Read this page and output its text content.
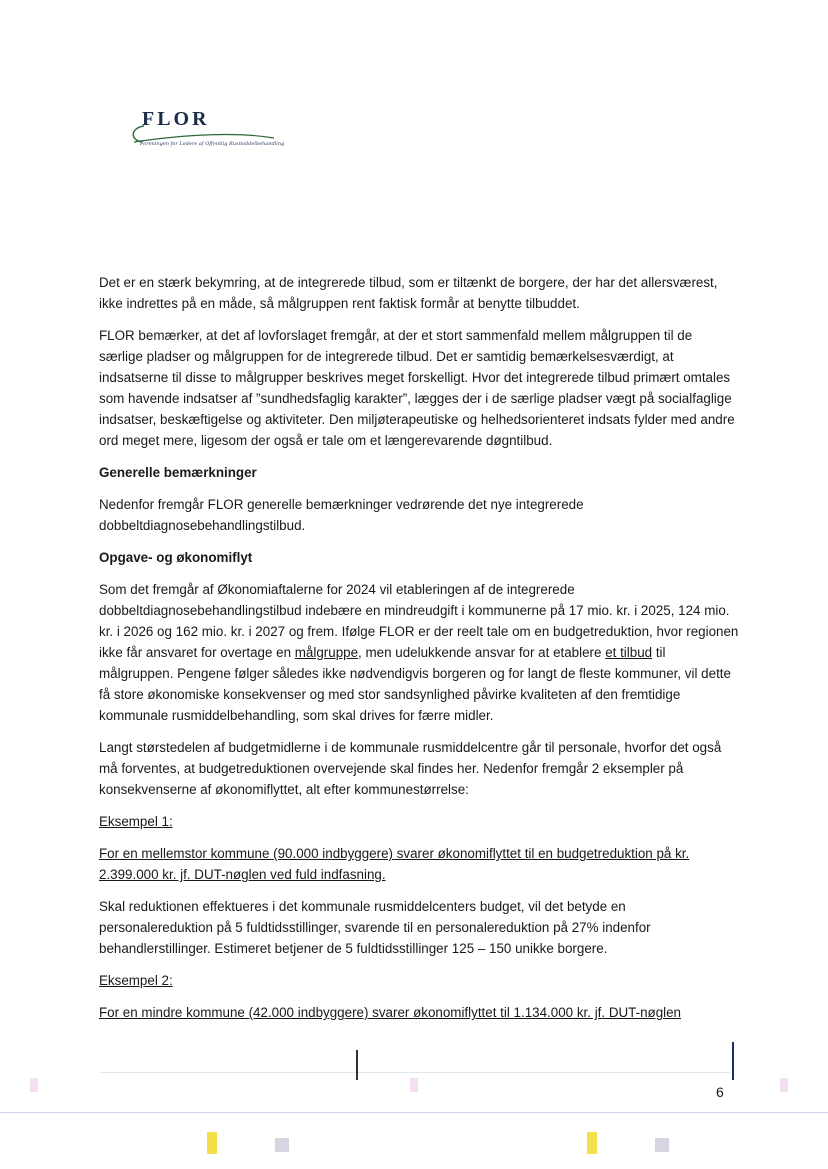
FLOR
Foreningen for Ledere af Offentlig Rusmiddelbehandling

Det er en stærk bekymring, at de integrerede tilbud, som er tiltænkt de borgere, der har det allersværest, ikke indrettes på en måde, så målgruppen rent faktisk formår at benytte tilbuddet.

FLOR bemærker, at det af lovforslaget fremgår, at der et stort sammenfald mellem målgruppen til de særlige pladser og målgruppen for de integrerede tilbud. Det er samtidig bemærkelsesværdigt, at indsatserne til disse to målgrupper beskrives meget forskelligt. Hvor det integrerede tilbud primært omtales som havende indsatser af ”sundhedsfaglig karakter”, lægges der i de særlige pladser vægt på socialfaglige indsatser, beskæftigelse og aktiviteter. Den miljøterapeutiske og helhedsorienteret indsats fylder med andre ord meget mere, ligesom der også er tale om et længerevarende døgntilbud.

Generelle bemærkninger

Nedenfor fremgår FLOR generelle bemærkninger vedrørende det nye integrerede dobbeltdiagnosebehandlingstilbud.

Opgave- og økonomiflyt

Som det fremgår af Økonomiaftalerne for 2024 vil etableringen af de integrerede dobbeltdiagnosebehandlingstilbud indebære en mindreudgift i kommunerne på 17 mio. kr. i 2025, 124 mio. kr. i 2026 og 162 mio. kr. i 2027 og frem. Ifølge FLOR er der reelt tale om en budgetreduktion, hvor regionen ikke får ansvaret for overtage en målgruppe, men udelukkende ansvar for at etablere et tilbud til målgruppen. Pengene følger således ikke nødvendigvis borgeren og for langt de fleste kommuner, vil dette få store økonomiske konsekvenser og med stor sandsynlighed påvirke kvaliteten af den fremtidige kommunale rusmiddelbehandling, som skal drives for færre midler.

Langt størstedelen af budgetmidlerne i de kommunale rusmiddelcentre går til personale, hvorfor det også må forventes, at budgetreduktionen overvejende skal findes her. Nedenfor fremgår 2 eksempler på konsekvenserne af økonomiflyttet, alt efter kommunestørrelse:

Eksempel 1:

For en mellemstor kommune (90.000 indbyggere) svarer økonomiflyttet til en budgetreduktion på kr. 2.399.000 kr. jf. DUT-nøglen ved fuld indfasning.

Skal reduktionen effektueres i det kommunale rusmiddelcenters budget, vil det betyde en personalereduktion på 5 fuldtidsstillinger, svarende til en personalereduktion på 27% indenfor behandlerstillinger. Estimeret betjener de 5 fuldtidsstillinger 125 – 150 unikke borgere.

Eksempel 2:

For en mindre kommune (42.000 indbyggere) svarer økonomiflyttet til 1.134.000 kr. jf. DUT-nøglen

6
